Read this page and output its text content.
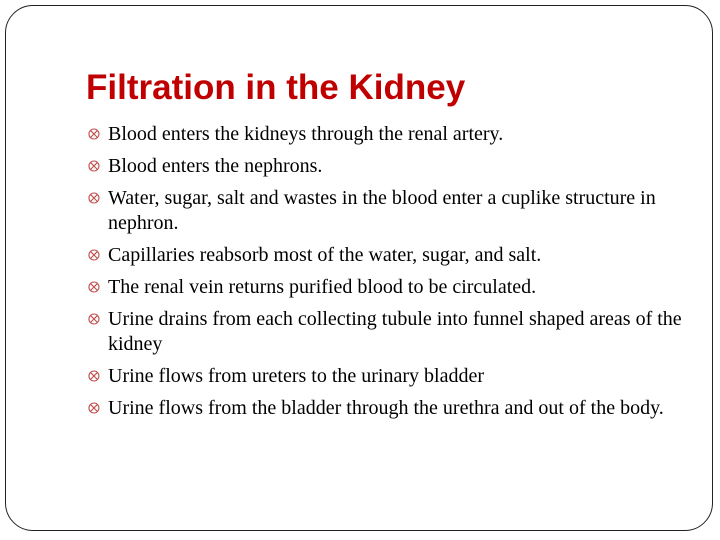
Filtration in the Kidney
⭙ Blood enters the kidneys through the renal artery.
⭙ Blood enters the nephrons.
⭙ Water, sugar, salt and wastes in the blood enter a cuplike structure in nephron.
⭙ Capillaries reabsorb most of the water, sugar, and salt.
⭙ The renal vein returns purified blood to be circulated.
⭙ Urine drains from each collecting tubule into funnel shaped areas of the kidney
⭙ Urine flows from ureters to the urinary bladder
⭙ Urine flows from the bladder through the urethra and out of the body.
